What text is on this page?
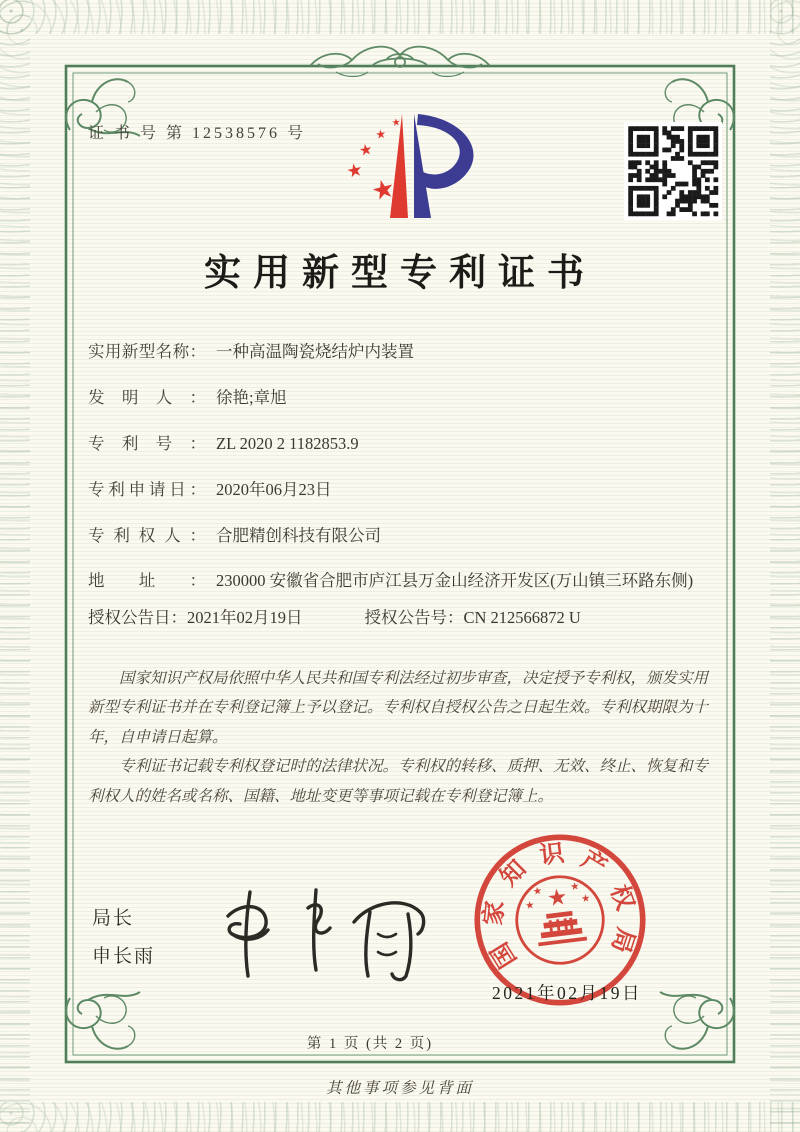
证 书 号 第 12538576 号
★
★
★
★
★
实用新型专利证书
实用新型名称： 一种高温陶瓷烧结炉内装置
发明人： 徐艳;章旭
专利号： ZL 2020 2 1182853.9
专利申请日： 2020年06月23日
专利权人： 合肥精创科技有限公司
地址： 230000 安徽省合肥市庐江县万金山经济开发区(万山镇三环路东侧)
授权公告日：2021年02月19日	授权公告号：CN 212566872 U

国家知识产权局依照中华人民共和国专利法经过初步审查，决定授予专利权，颁发实用新型专利证书并在专利登记簿上予以登记。专利权自授权公告之日起生效。专利权期限为十年，自申请日起算。

专利证书记载专利权登记时的法律状况。专利权的转移、质押、无效、终止、恢复和专利权人的姓名或名称、国籍、地址变更等事项记载在专利登记簿上。

局长
申长雨	国
家
知
识 产
权
局
★
★ ★
★
★
2021年02月19日
第 1 页 (共 2 页)
其他事项参见背面
